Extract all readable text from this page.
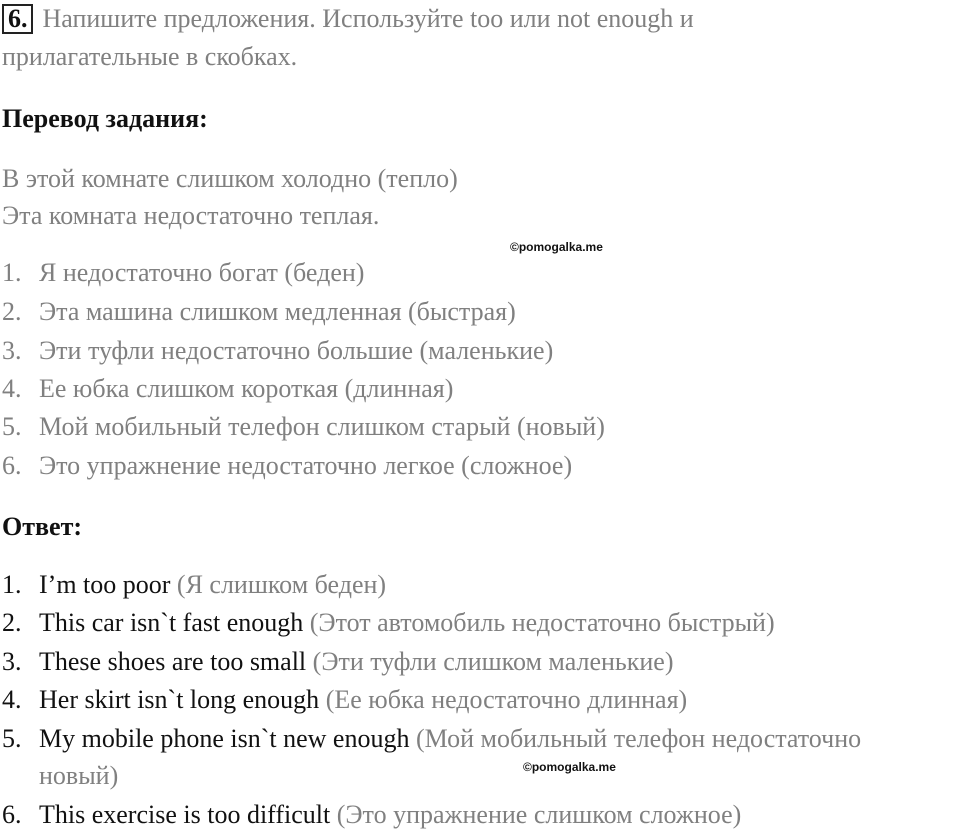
6. Напишите предложения. Используйте too или not enough и
прилагательные в скобках.
Перевод задания:
В этой комнате слишком холодно (тепло)
Эта комната недостаточно теплая.
©pomogalka.me
1. Я недостаточно богат (беден)
2. Эта машина слишком медленная (быстрая)
3. Эти туфли недостаточно большие (маленькие)
4. Ее юбка слишком короткая (длинная)
5. Мой мобильный телефон слишком старый (новый)
6. Это упражнение недостаточно легкое (сложное)
Ответ:
1. I’m too poor (Я слишком беден)
2. This car isn`t fast enough (Этот автомобиль недостаточно быстрый)
3. These shoes are too small (Эти туфли слишком маленькие)
4. Her skirt isn`t long enough (Ее юбка недостаточно длинная)
5. My mobile phone isn`t new enough (Мой мобильный телефон недостаточно
новый)	©pomogalka.me
6. This exercise is too difficult (Это упражнение слишком сложное)
